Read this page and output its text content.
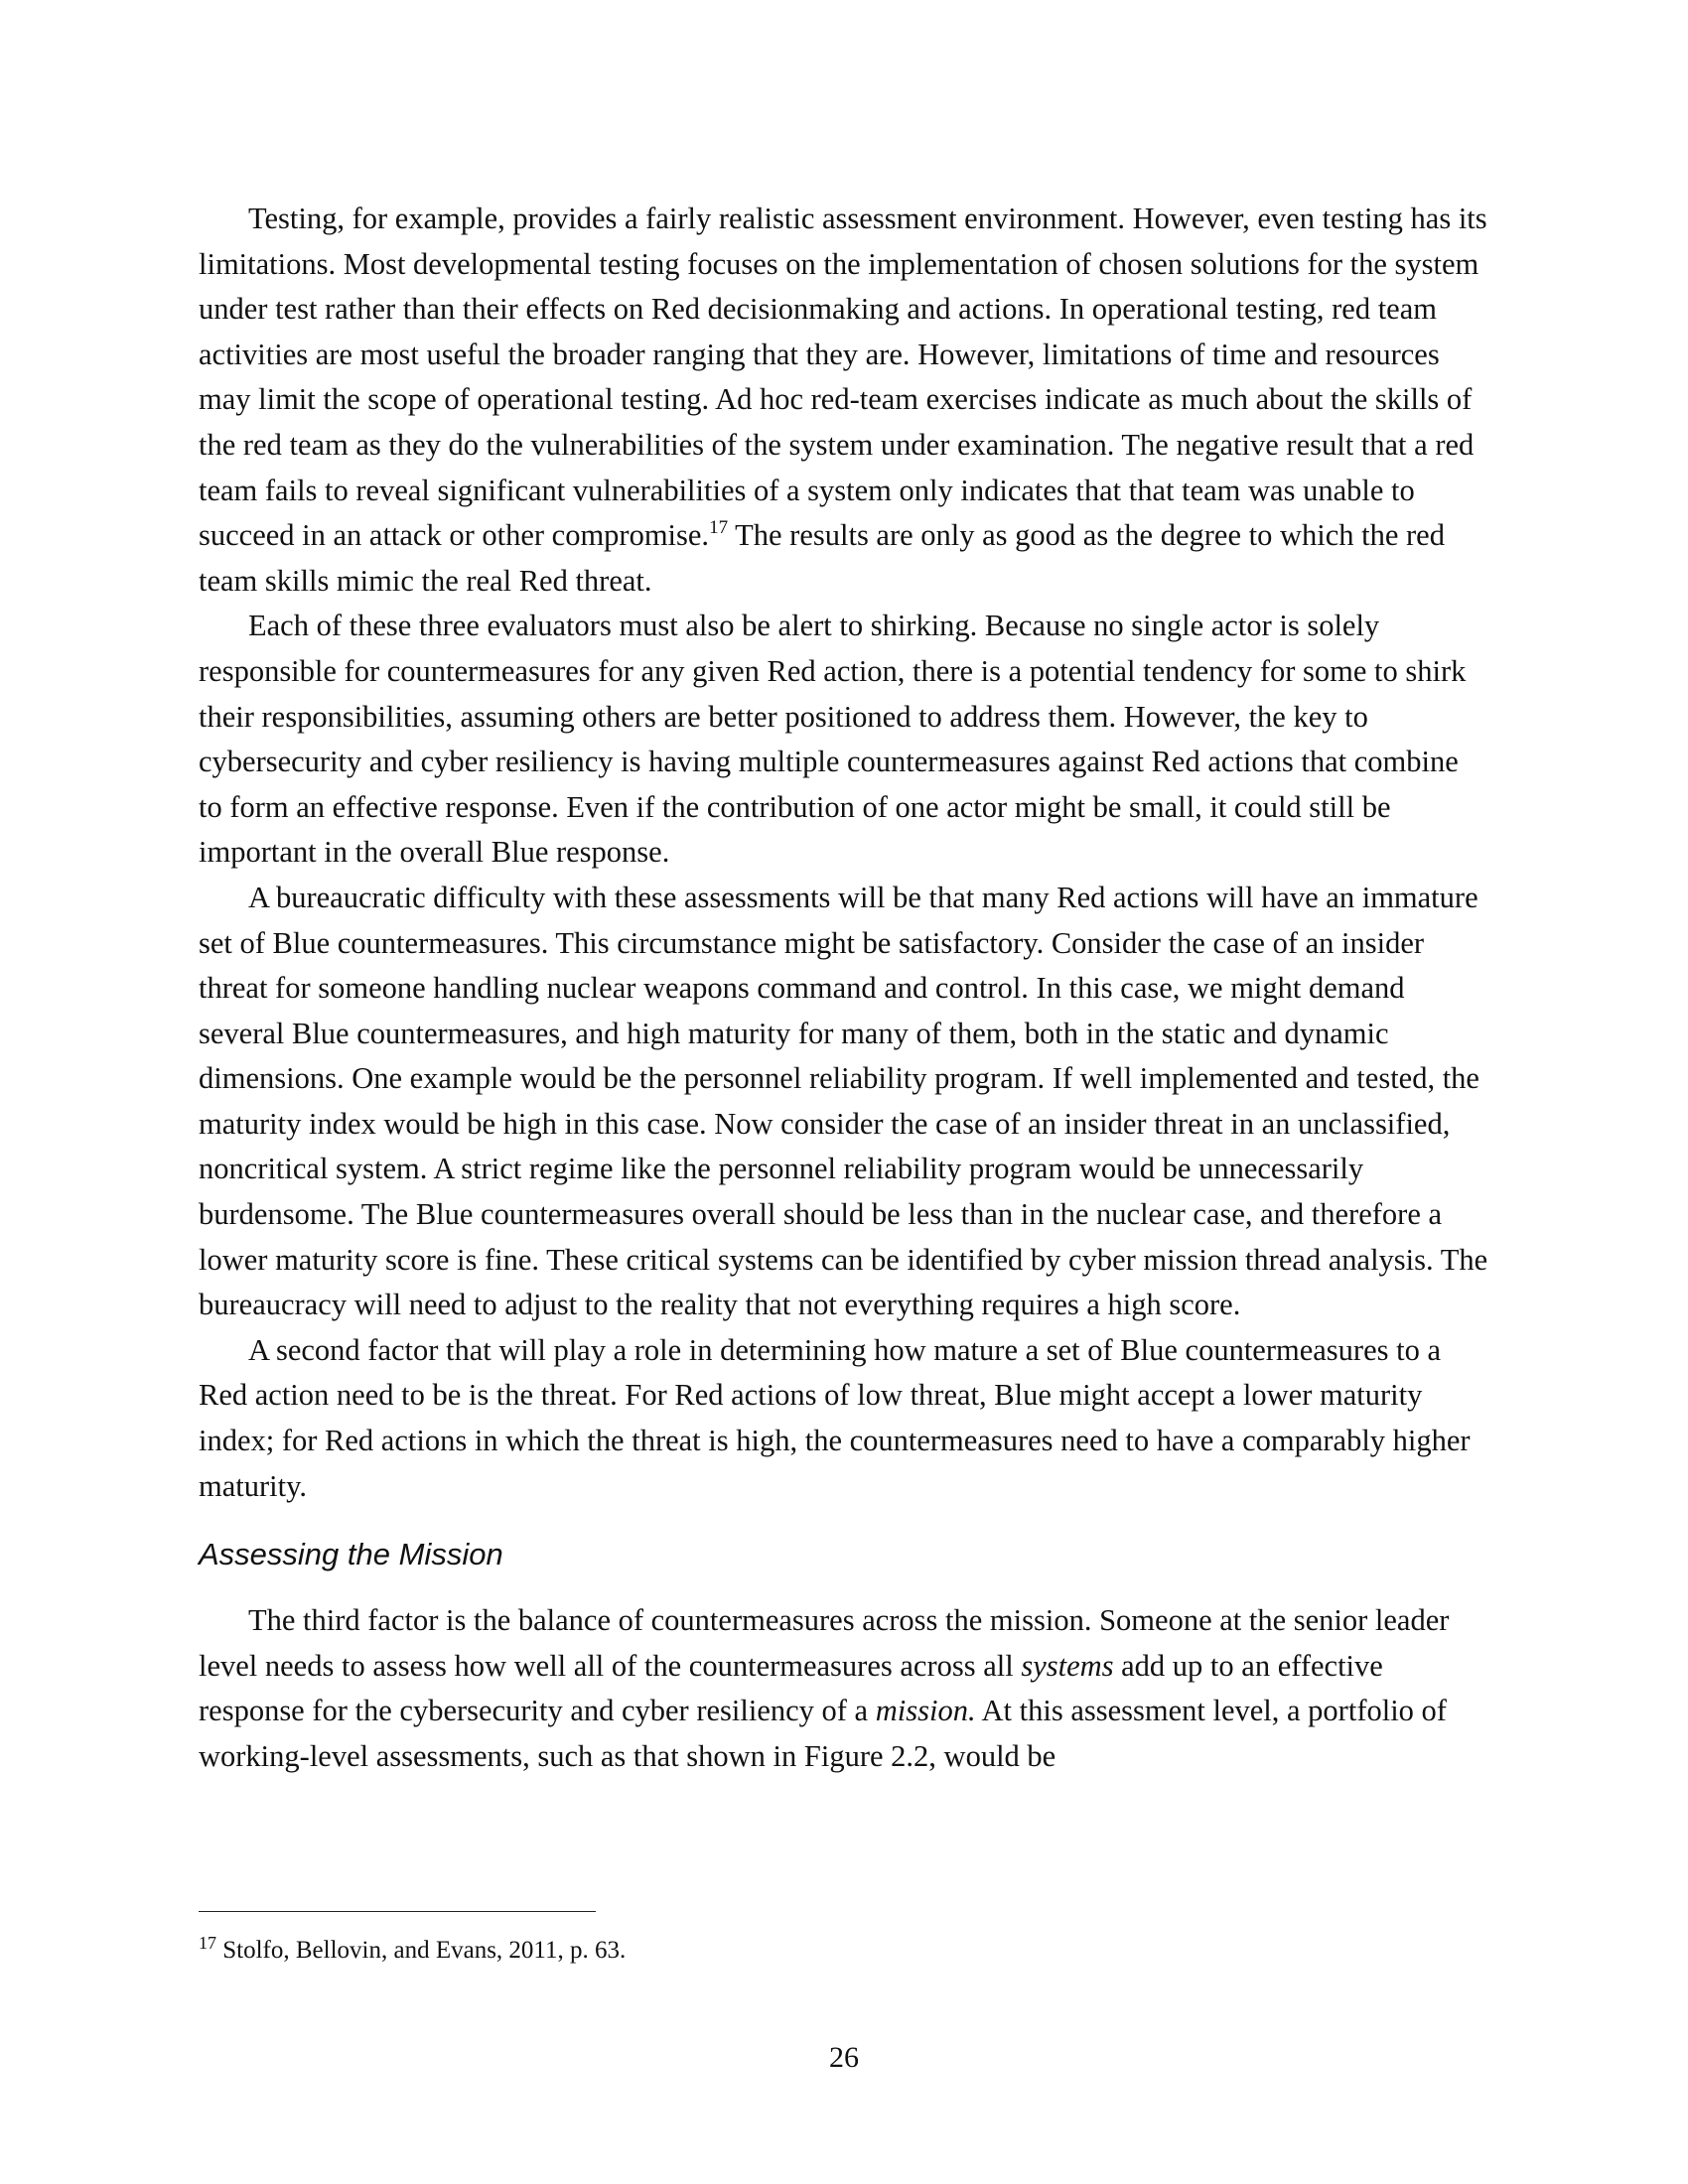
Testing, for example, provides a fairly realistic assessment environment. However, even testing has its limitations. Most developmental testing focuses on the implementation of chosen solutions for the system under test rather than their effects on Red decisionmaking and actions. In operational testing, red team activities are most useful the broader ranging that they are. However, limitations of time and resources may limit the scope of operational testing. Ad hoc red-team exercises indicate as much about the skills of the red team as they do the vulnerabilities of the system under examination. The negative result that a red team fails to reveal significant vulnerabilities of a system only indicates that that team was unable to succeed in an attack or other compromise.$^{17}$ The results are only as good as the degree to which the red team skills mimic the real Red threat.

Each of these three evaluators must also be alert to shirking. Because no single actor is solely responsible for countermeasures for any given Red action, there is a potential tendency for some to shirk their responsibilities, assuming others are better positioned to address them. However, the key to cybersecurity and cyber resiliency is having multiple countermeasures against Red actions that combine to form an effective response. Even if the contribution of one actor might be small, it could still be important in the overall Blue response.

A bureaucratic difficulty with these assessments will be that many Red actions will have an immature set of Blue countermeasures. This circumstance might be satisfactory. Consider the case of an insider threat for someone handling nuclear weapons command and control. In this case, we might demand several Blue countermeasures, and high maturity for many of them, both in the static and dynamic dimensions. One example would be the personnel reliability program. If well implemented and tested, the maturity index would be high in this case. Now consider the case of an insider threat in an unclassified, noncritical system. A strict regime like the personnel reliability program would be unnecessarily burdensome. The Blue countermeasures overall should be less than in the nuclear case, and therefore a lower maturity score is fine. These critical systems can be identified by cyber mission thread analysis. The bureaucracy will need to adjust to the reality that not everything requires a high score.

A second factor that will play a role in determining how mature a set of Blue countermeasures to a Red action need to be is the threat. For Red actions of low threat, Blue might accept a lower maturity index; for Red actions in which the threat is high, the countermeasures need to have a comparably higher maturity.

Assessing the Mission

The third factor is the balance of countermeasures across the mission. Someone at the senior leader level needs to assess how well all of the countermeasures across all systems add up to an effective response for the cybersecurity and cyber resiliency of a mission. At this assessment level, a portfolio of working-level assessments, such as that shown in Figure 2.2, would be

$^{17}$ Stolfo, Bellovin, and Evans, 2011, p. 63.
26
